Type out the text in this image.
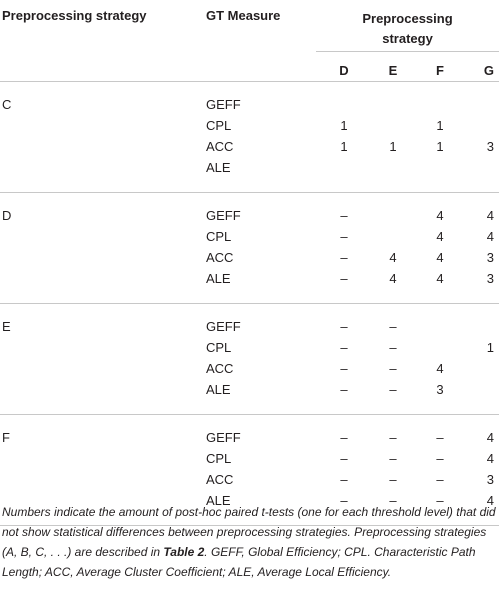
Preprocessing strategy	GT Measure	Preprocessing			
		strategy			
		D	E	F	G
C	GEFF				
	CPL	1		1	
	ACC	1	1	1	3
	ALE				
D	GEFF	–		4	4
	CPL	–		4	4
	ACC	–	4	4	3
	ALE	–	4	4	3
E	GEFF	–	–		
	CPL	–	–		1
	ACC	–	–	4	
	ALE	–	–	3	
F	GEFF	–	–	–	4
	CPL	–	–	–	4
	ACC	–	–	–	3
	ALE	–	–	–	4
Numbers indicate the amount of post-hoc paired t-tests (one for each threshold level) that did not show statistical differences between preprocessing strategies. Preprocessing strategies (A, B, C, . . .) are described in Table 2. GEFF, Global Efficiency; CPL. Characteristic Path Length; ACC, Average Cluster Coefficient; ALE, Average Local Efficiency.
